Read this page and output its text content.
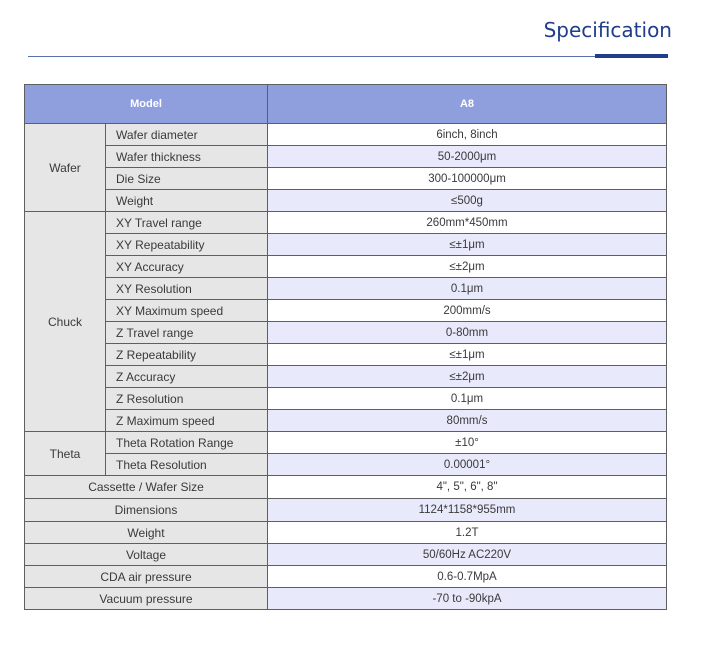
Specification
Model		A8
Wafer	Wafer diameter	6inch, 8inch
	Wafer thickness	50-2000μm
	Die Size	300-100000μm
	Weight	≤500g
Chuck	XY Travel range	260mm*450mm
	XY Repeatability	≤±1μm
	XY Accuracy	≤±2μm
	XY Resolution	0.1μm
	XY Maximum speed	200mm/s
	Z Travel range	0-80mm
	Z Repeatability	≤±1μm
	Z Accuracy	≤±2μm
	Z Resolution	0.1μm
	Z Maximum speed	80mm/s
Theta	Theta Rotation Range	±10°
	Theta Resolution	0.00001°
Cassette / Wafer Size		4", 5", 6", 8"
Dimensions		1124*1158*955mm
Weight		1.2T
Voltage		50/60Hz AC220V
CDA air pressure		0.6-0.7MpA
Vacuum pressure		-70 to -90kpA
